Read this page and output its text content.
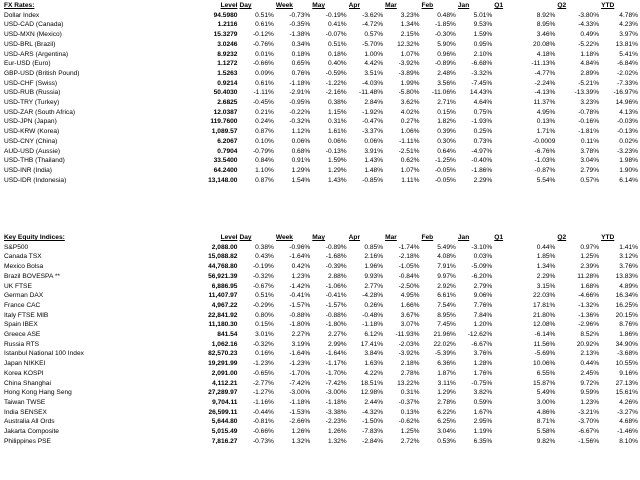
FX Rates:	Level	Day	Week	May	Apr	Mar	Feb	Jan	Q1	Q2	YTD
Dollar Index	94.5980	0.51%	-0.73%	-0.19%	-3.62%	3.23%	0.48%	5.01%	8.92%	-3.80%	4.78%
USD-CAD (Canada)	1.2116	0.61%	-0.35%	0.41%	-4.72%	1.34%	-1.85%	9.53%	8.95%	-4.33%	4.23%
USD-MXN (Mexico)	15.3279	-0.12%	-1.38%	-0.07%	0.57%	2.15%	-0.30%	1.59%	3.46%	0.49%	3.97%
USD-BRL (Brazil)	3.0246	-0.76%	0.34%	0.51%	-5.70%	12.32%	5.90%	0.95%	20.08%	-5.22%	13.81%
USD-ARS (Argentina)	8.9232	0.01%	0.18%	0.18%	1.00%	1.07%	0.96%	2.10%	4.18%	1.18%	5.41%
Eur-USD (Euro)	1.1272	-0.66%	0.65%	0.40%	4.42%	-3.92%	-0.89%	-6.68%	-11.13%	4.84%	-6.84%
GBP-USD (British Pound)	1.5263	0.09%	0.76%	-0.59%	3.51%	-3.89%	2.48%	-3.32%	-4.77%	2.89%	-2.02%
USD-CHF (Swiss)	0.9214	0.61%	-1.18%	-1.22%	-4.03%	1.99%	3.56%	-7.45%	-2.24%	-5.21%	-7.33%
USD-RUB (Russia)	50.4030	-1.11%	-2.91%	-2.16%	-11.48%	-5.80%	-11.06%	14.43%	-4.13%	-13.39%	-16.97%
USD-TRY (Turkey)	2.6825	-0.45%	-0.95%	0.38%	2.84%	3.62%	2.71%	4.64%	11.37%	3.23%	14.96%
USD-ZAR (South Africa)	12.0387	0.21%	-0.22%	1.15%	-1.92%	4.02%	0.15%	0.75%	4.95%	-0.78%	4.13%
USD-JPN (Japan)	119.7600	0.24%	-0.32%	0.31%	-0.47%	0.27%	1.82%	-1.93%	0.13%	-0.16%	-0.03%
USD-KRW (Korea)	1,089.57	0.87%	1.12%	1.61%	-3.37%	1.06%	0.39%	0.25%	1.71%	-1.81%	-0.13%
USD-CNY (China)	6.2067	0.10%	0.06%	0.06%	0.06%	-1.11%	0.30%	0.73%	-0.0009	0.11%	0.02%
AUD-USD (Aussie)	0.7904	-0.79%	0.68%	-0.13%	3.91%	-2.51%	0.64%	-4.97%	-6.76%	3.78%	-3.23%
USD-THB (Thailand)	33.5400	0.84%	0.91%	1.59%	1.43%	0.62%	-1.25%	-0.40%	-1.03%	3.04%	1.98%
USD-INR (India)	64.2400	1.10%	1.29%	1.29%	1.48%	1.07%	-0.05%	-1.86%	-0.87%	2.79%	1.90%
USD-IDR (Indonesia)	13,148.00	0.87%	1.54%	1.43%	-0.85%	1.11%	-0.05%	2.29%	5.54%	0.57%	6.14%
Key Equity Indices:	Level	Day	Week	May	Apr	Mar	Feb	Jan	Q1	Q2	YTD
S&P500	2,088.00	0.38%	-0.96%	-0.89%	0.85%	-1.74%	5.49%	-3.10%	0.44%	0.97%	1.41%
Canada TSX	15,088.82	0.43%	-1.64%	-1.68%	2.16%	-2.18%	4.08%	0.03%	1.85%	1.25%	3.12%
Mexico Bolsa	44,768.80	-0.19%	0.42%	-0.39%	1.96%	-1.05%	7.91%	-5.09%	1.34%	2.39%	3.76%
Brazil BOVESPA **	56,921.39	-0.32%	1.23%	2.88%	9.93%	-0.84%	9.97%	-6.20%	2.29%	11.28%	13.83%
UK FTSE	6,886.95	-0.67%	-1.42%	-1.06%	2.77%	-2.50%	2.92%	2.79%	3.15%	1.68%	4.89%
German DAX	11,407.97	0.51%	-0.41%	-0.41%	-4.28%	4.95%	6.61%	9.06%	22.03%	-4.66%	16.34%
France CAC	4,967.22	-0.29%	-1.57%	-1.57%	0.26%	1.66%	7.54%	7.76%	17.81%	-1.32%	16.25%
Italy FTSE MIB	22,841.92	0.80%	-0.88%	-0.88%	-0.48%	3.67%	8.95%	7.84%	21.80%	-1.36%	20.15%
Spain IBEX	11,180.30	0.15%	-1.80%	-1.80%	-1.18%	3.07%	7.45%	1.20%	12.08%	-2.96%	8.76%
Greece ASE	841.54	3.01%	2.27%	2.27%	6.12%	-11.93%	21.96%	-12.62%	-6.14%	8.52%	1.86%
Russia RTS	1,062.16	-0.32%	3.19%	2.99%	17.41%	-2.03%	22.02%	-6.67%	11.56%	20.92%	34.90%
Istanbul National 100 Index	82,570.23	0.16%	-1.64%	-1.64%	3.84%	-3.92%	-5.39%	3.76%	-5.69%	2.13%	-3.68%
Japan NIKKEI	19,291.99	-1.23%	-1.23%	-1.17%	1.63%	2.18%	6.36%	1.28%	10.06%	0.44%	10.55%
Korea KOSPI	2,091.00	-0.65%	-1.70%	-1.70%	4.22%	2.78%	1.87%	1.76%	6.55%	2.45%	9.16%
China Shanghai	4,112.21	-2.77%	-7.42%	-7.42%	18.51%	13.22%	3.11%	-0.75%	15.87%	9.72%	27.13%
Hong Kong Hang Seng	27,289.97	-1.27%	-3.00%	-3.00%	12.98%	0.31%	1.29%	3.82%	5.49%	9.59%	15.61%
Taiwan TWSE	9,704.11	-1.16%	-1.18%	-1.18%	2.44%	-0.37%	2.78%	0.59%	3.00%	1.23%	4.26%
India SENSEX	26,599.11	-0.44%	-1.53%	-3.38%	-4.32%	0.13%	6.22%	1.67%	4.86%	-3.21%	-3.27%
Australia All Ords	5,644.80	-0.81%	-2.66%	-2.23%	-1.50%	-0.62%	6.25%	2.95%	8.71%	-3.70%	4.68%
Jakarta Composite	5,015.49	-0.66%	1.26%	1.26%	-7.83%	1.25%	3.04%	1.19%	5.58%	-6.67%	-1.46%
Philippines PSE	7,816.27	-0.73%	1.32%	1.32%	-2.84%	2.72%	0.53%	6.35%	9.82%	-1.56%	8.10%
